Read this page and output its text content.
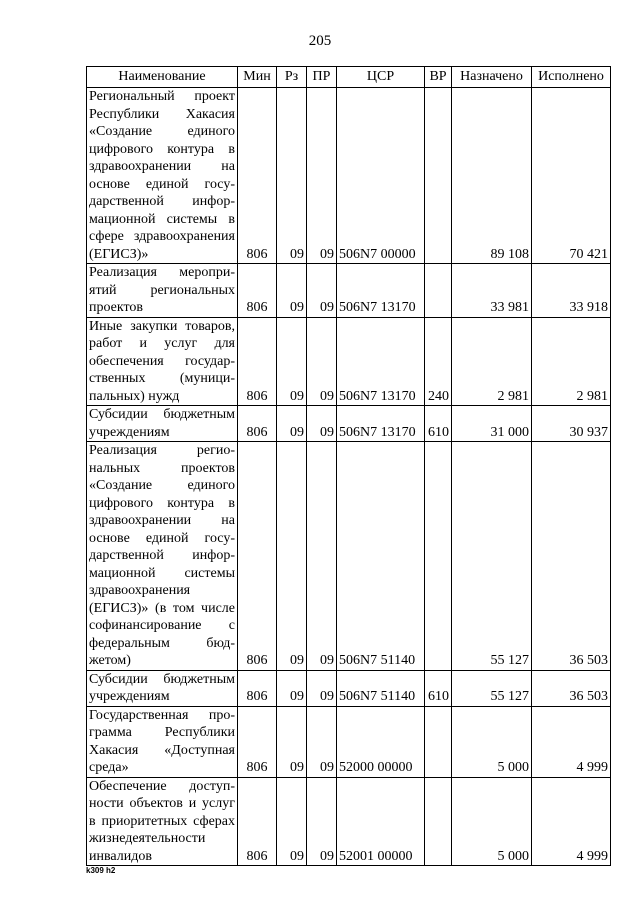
205
Наименование	Мин	Рз	ПР	ЦСР	ВР	Назначено	Исполнено
Региональный проект Республики Хакасия «Создание единого цифрового контура в здравоохранении на основе единой государственной информационной системы в сфере здравоохранения (ЕГИСЗ)»	806	09	09	506N7 00000		89 108	70 421
Реализация мероприятий региональных проектов	806	09	09	506N7 13170		33 981	33 918
Иные закупки товаров, работ и услуг для обеспечения государственных (муниципальных) нужд	806	09	09	506N7 13170	240	2 981	2 981
Субсидии бюджетным учреждениям	806	09	09	506N7 13170	610	31 000	30 937
Реализация региональных проектов «Создание единого цифрового контура в здравоохранении на основе единой государственной информационной системы здравоохранения (ЕГИСЗ)» (в том числе софинансирование с федеральным бюджетом)	806	09	09	506N7 51140		55 127	36 503
Субсидии бюджетным учреждениям	806	09	09	506N7 51140	610	55 127	36 503
Государственная программа Республики Хакасия «Доступная среда»	806	09	09	52000 00000		5 000	4 999
Обеспечение доступности объектов и услуг в приоритетных сферах жизнедеятельности инвалидов	806	09	09	52001 00000		5 000	4 999
k309 h2
